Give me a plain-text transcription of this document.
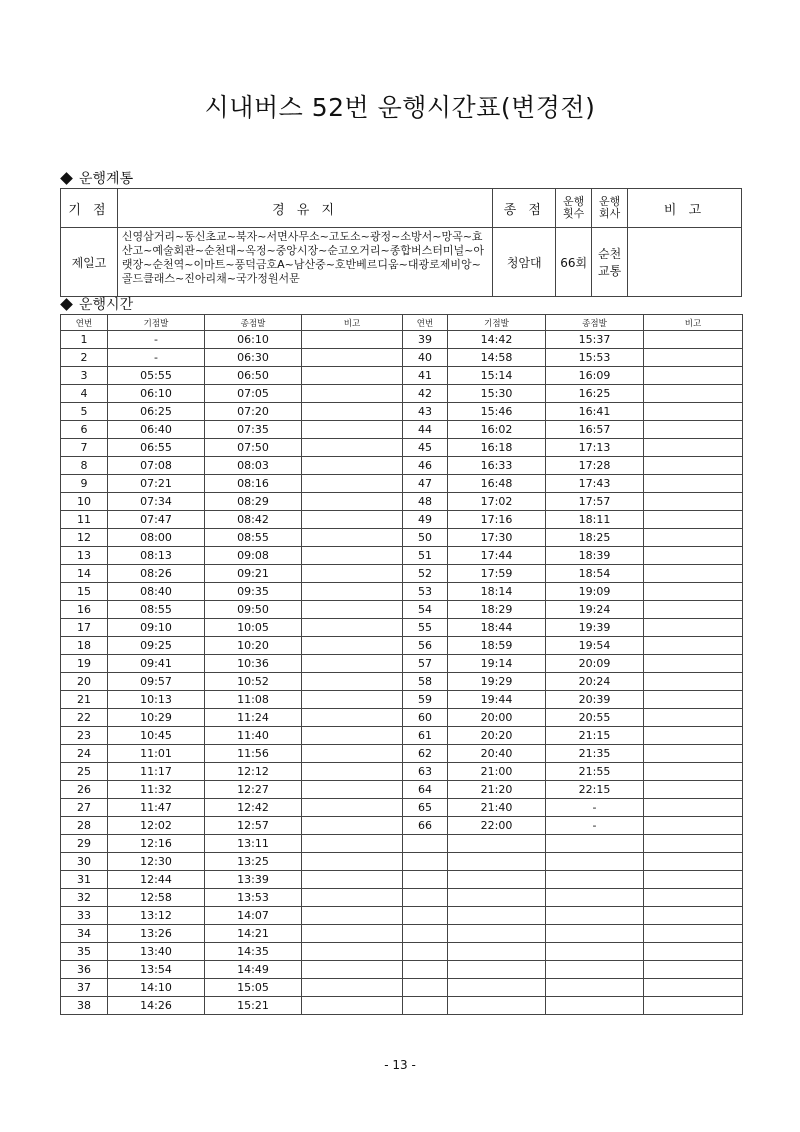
시내버스 52번 운행시간표(변경전)
운행계통
기 점	경 유 지	종 점	운행 횟수	운행 회사	비 고
제일고	신영삼거리~동신초교~북자~서면사무소~고도소~광정~소방서~망곡~효산고~예술회관~순천대~옥정~중앙시장~순고오거리~종합버스터미널~아랫장~순천역~이마트~풍덕금호A~남산중~호반베르디움~대광로제비앙~골드클래스~진아리채~국가정원서문	청암대	66회	순천 교통	
운행시간
연번	기점발	종점발	비고	연번	기점발	종점발	비고
1	-	06:10		39	14:42	15:37	
2	-	06:30		40	14:58	15:53	
3	05:55	06:50		41	15:14	16:09	
4	06:10	07:05		42	15:30	16:25	
5	06:25	07:20		43	15:46	16:41	
6	06:40	07:35		44	16:02	16:57	
7	06:55	07:50		45	16:18	17:13	
8	07:08	08:03		46	16:33	17:28	
9	07:21	08:16		47	16:48	17:43	
10	07:34	08:29		48	17:02	17:57	
11	07:47	08:42		49	17:16	18:11	
12	08:00	08:55		50	17:30	18:25	
13	08:13	09:08		51	17:44	18:39	
14	08:26	09:21		52	17:59	18:54	
15	08:40	09:35		53	18:14	19:09	
16	08:55	09:50		54	18:29	19:24	
17	09:10	10:05		55	18:44	19:39	
18	09:25	10:20		56	18:59	19:54	
19	09:41	10:36		57	19:14	20:09	
20	09:57	10:52		58	19:29	20:24	
21	10:13	11:08		59	19:44	20:39	
22	10:29	11:24		60	20:00	20:55	
23	10:45	11:40		61	20:20	21:15	
24	11:01	11:56		62	20:40	21:35	
25	11:17	12:12		63	21:00	21:55	
26	11:32	12:27		64	21:20	22:15	
27	11:47	12:42		65	21:40	-	
28	12:02	12:57		66	22:00	-	
29	12:16	13:11					
30	12:30	13:25					
31	12:44	13:39					
32	12:58	13:53					
33	13:12	14:07					
34	13:26	14:21					
35	13:40	14:35					
36	13:54	14:49					
37	14:10	15:05					
38	14:26	15:21					
- 13 -
